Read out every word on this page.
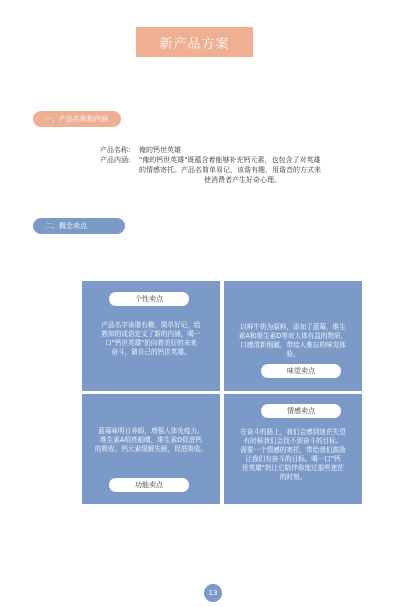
新产品方案
一、产品名称和内涵
产品名称:	俺的钙世英雄
产品内涵:	"俺的钙世英雄"既蕴含着能够补充钙元素，也包含了对英雄
的情感寄托。产品名简单易记，该谐有趣，用谐音的方式来
使消费者产生好奇心理。
二、概念卖点
个性卖点
产品名字该谐有趣，简单好记，给
熟知的成语定义了新的内涵，喝一
口"钙世英雄"奶向着美好的未来
奋斗，做自己的钙世英雄。
以鲜牛奶为原料，添加了蓝莓，维生
素A和维生素D等对人体有益的物质，
口感清新细腻，带给人难忘的味觉体
验。
味觉卖点
蓝莓味明目养眼，增强人体免疫力。
维生素A明亮眼睛，维生素D促进钙
的吸收。钙元素缓解失眠，促进吸收。
功能卖点
情感卖点
在奋斗的路上，我们会感到迷茫失望
有时候我们会找不到奋斗的目标。
需要一个情感的寄托，带给我们鼓励
让我们有奋斗的目标。喝一口"钙
世英雄"奶让它陪伴你度过那些迷茫
的时刻。
13
